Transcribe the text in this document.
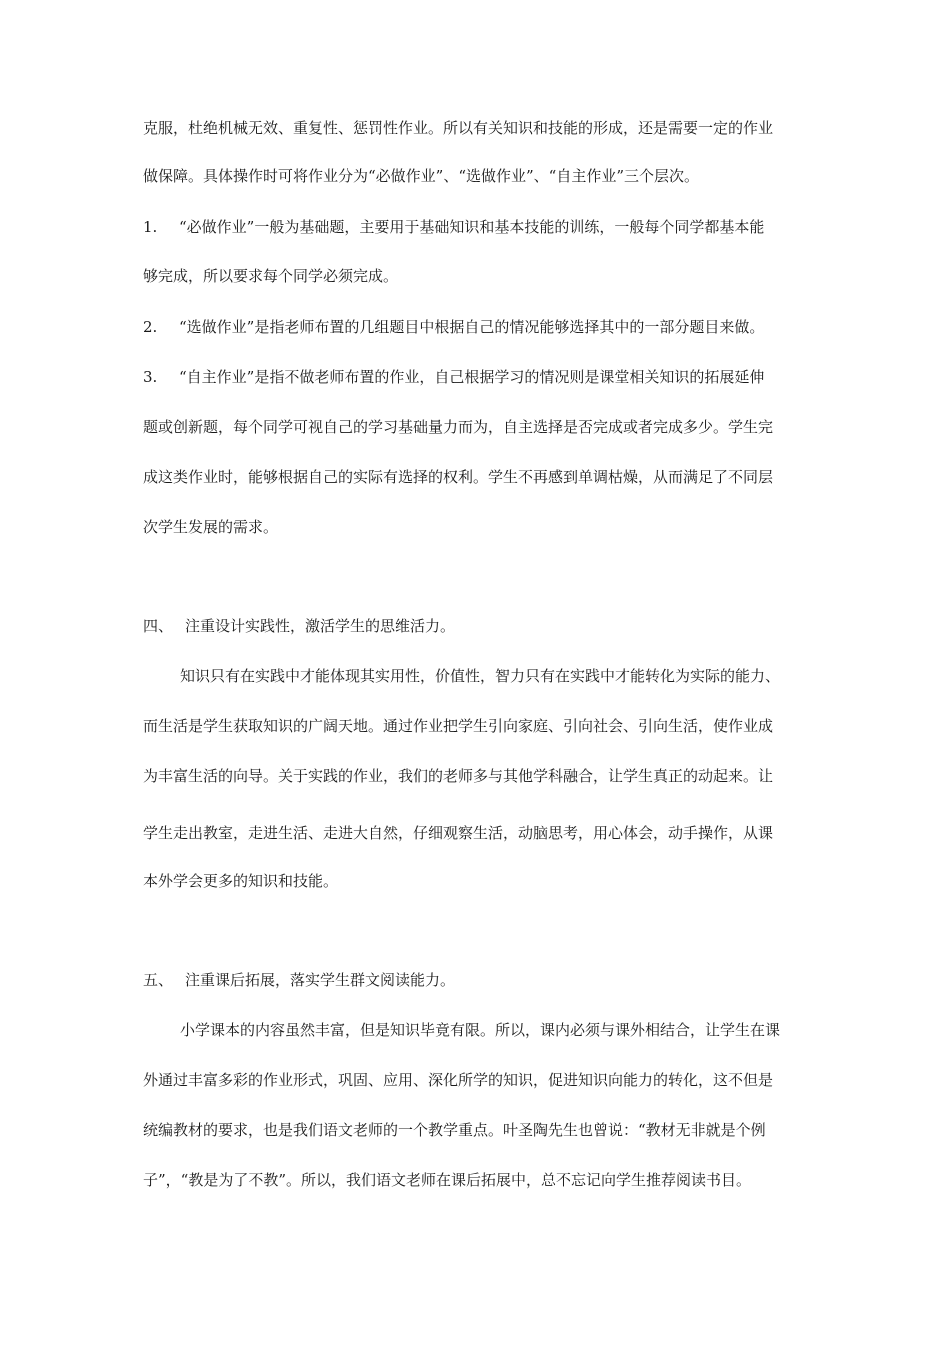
克服，杜绝机械无效、重复性、惩罚性作业。所以有关知识和技能的形成，还是需要一定的作业
做保障。具体操作时可将作业分为“必做作业”、“选做作业”、“自主作业”三个层次。
1. “必做作业”一般为基础题，主要用于基础知识和基本技能的训练，一般每个同学都基本能
够完成，所以要求每个同学必须完成。
2. “选做作业”是指老师布置的几组题目中根据自己的情况能够选择其中的一部分题目来做。
3. “自主作业”是指不做老师布置的作业，自己根据学习的情况则是课堂相关知识的拓展延伸
题或创新题，每个同学可视自己的学习基础量力而为，自主选择是否完成或者完成多少。学生完
成这类作业时，能够根据自己的实际有选择的权利。学生不再感到单调枯燥，从而满足了不同层
次学生发展的需求。
四、 注重设计实践性，激活学生的思维活力。
知识只有在实践中才能体现其实用性，价值性，智力只有在实践中才能转化为实际的能力、
而生活是学生获取知识的广阔天地。通过作业把学生引向家庭、引向社会、引向生活，使作业成
为丰富生活的向导。关于实践的作业，我们的老师多与其他学科融合，让学生真正的动起来。让
学生走出教室，走进生活、走进大自然，仔细观察生活，动脑思考，用心体会，动手操作，从课
本外学会更多的知识和技能。
五、 注重课后拓展，落实学生群文阅读能力。
小学课本的内容虽然丰富，但是知识毕竟有限。所以，课内必须与课外相结合，让学生在课
外通过丰富多彩的作业形式，巩固、应用、深化所学的知识，促进知识向能力的转化，这不但是
统编教材的要求，也是我们语文老师的一个教学重点。叶圣陶先生也曾说：“教材无非就是个例
子”，“教是为了不教”。所以，我们语文老师在课后拓展中，总不忘记向学生推荐阅读书目。
